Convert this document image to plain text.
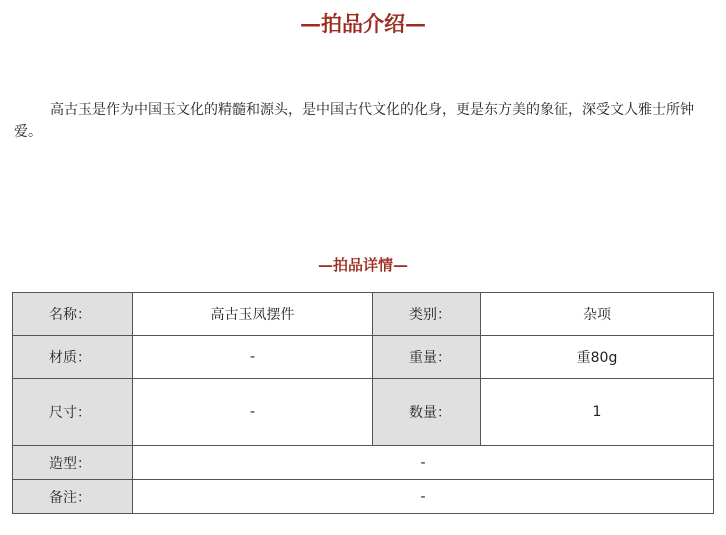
—拍品介绍—
高古玉是作为中国玉文化的精髓和源头，是中国古代文化的化身，更是东方美的象征，深受文人雅士所钟爱。
—拍品详情—
名称：	高古玉凤摆件	类别：	杂项
材质：	-	重量：	重80g
尺寸：	-	数量：	1
造型：	-		
备注：	-		
